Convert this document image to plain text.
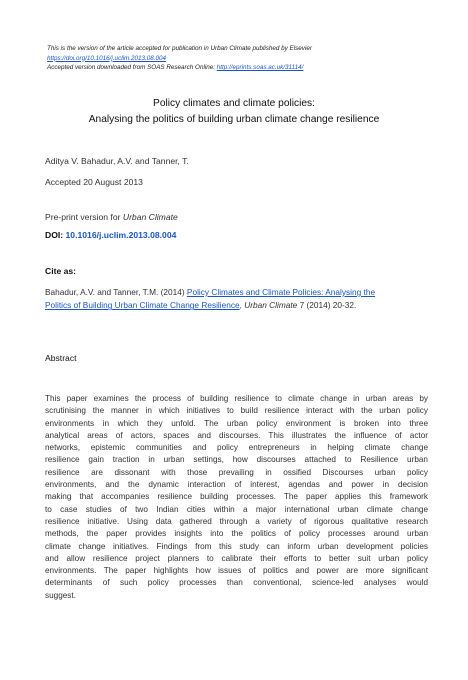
This is the version of the article accepted for publication in Urban Climate published by Elsevier
https://doi.org/10.1016/j.uclim.2013.08.004
Accepted version downloaded from SOAS Research Online: http://eprints.soas.ac.uk/31114/
Policy climates and climate policies:
Analysing the politics of building urban climate change resilience
Aditya V. Bahadur, A.V. and Tanner, T.
Accepted 20 August 2013
Pre-print version for Urban Climate
DOI: 10.1016/j.uclim.2013.08.004
Cite as:
Bahadur, A.V. and Tanner, T.M. (2014) Policy Climates and Climate Policies: Analysing the
Politics of Building Urban Climate Change Resilience, Urban Climate 7 (2014) 20-32.
Abstract
This paper examines the process of building resilience to climate change in urban areas by
scrutinising the manner in which initiatives to build resilience interact with the urban policy
environments in which they unfold. The urban policy environment is broken into three
analytical areas of actors, spaces and discourses. This illustrates the influence of actor
networks, epistemic communities and policy entrepreneurs in helping climate change
resilience gain traction in urban settings, how discourses attached to Resilience urban
resilience are dissonant with those prevailing in ossified Discourses urban policy
environments, and the dynamic interaction of interest, agendas and power in decision
making that accompanies resilience building processes. The paper applies this framework
to case studies of two Indian cities within a major international urban climate change
resilience initiative. Using data gathered through a variety of rigorous qualitative research
methods, the paper provides insights into the politics of policy processes around urban
climate change initiatives. Findings from this study can inform urban development policies
and allow resilience project planners to calibrate their efforts to better suit urban policy
environments. The paper highlights how issues of politics and power are more significant
determinants of such policy processes than conventional, science-led analyses would
suggest.
